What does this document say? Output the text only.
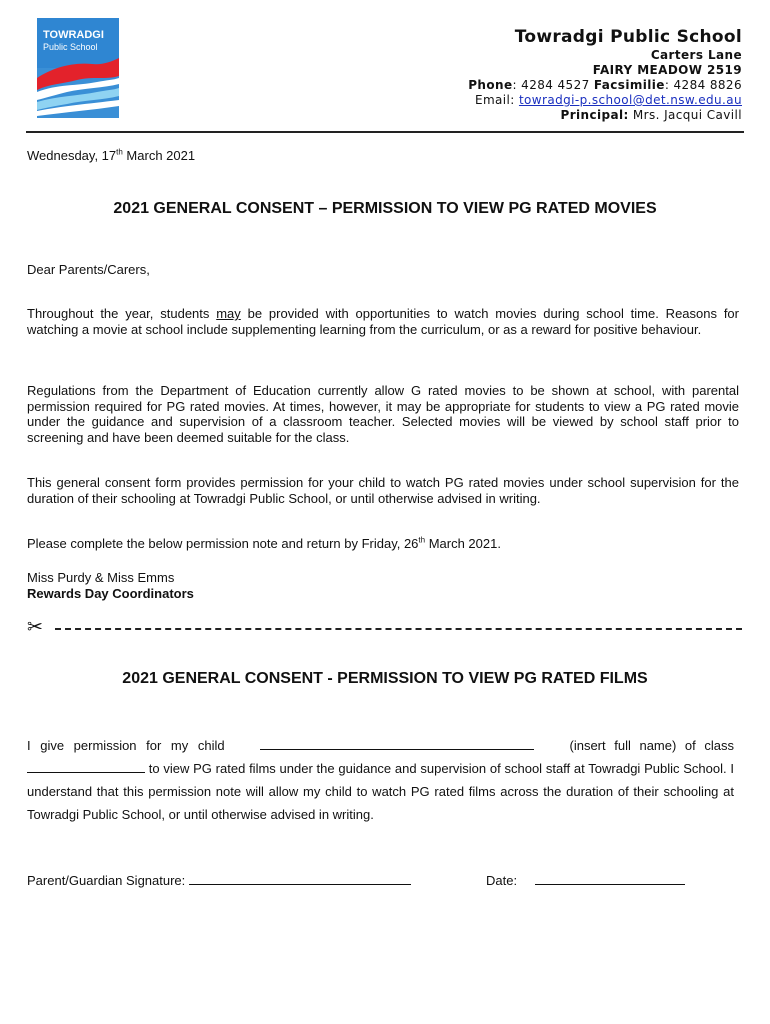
TOWRADGI
Public School	Towradgi Public School
Carters Lane
FAIRY MEADOW 2519
Phone: 4284 4527 Facsimilie: 4284 8826
Email: towradgi-p.school@det.nsw.edu.au
Principal: Mrs. Jacqui Cavill
Wednesday, 17th March 2021
2021 GENERAL CONSENT – PERMISSION TO VIEW PG RATED MOVIES
Dear Parents/Carers,
Throughout the year, students may be provided with opportunities to watch movies during school time. Reasons for watching a movie at school include supplementing learning from the curriculum, or as a reward for positive behaviour.
Regulations from the Department of Education currently allow G rated movies to be shown at school, with parental permission required for PG rated movies. At times, however, it may be appropriate for students to view a PG rated movie under the guidance and supervision of a classroom teacher. Selected movies will be viewed by school staff prior to screening and have been deemed suitable for the class.
This general consent form provides permission for your child to watch PG rated movies under school supervision for the duration of their schooling at Towradgi Public School, or until otherwise advised in writing.
Please complete the below permission note and return by Friday, 26th March 2021.
Miss Purdy & Miss Emms
Rewards Day Coordinators
✂
2021 GENERAL CONSENT - PERMISSION TO VIEW PG RATED FILMS
I give permission for my child	(insert full name) of class
to view PG rated films under the guidance and supervision of school staff at Towradgi Public School. I understand that this permission note will allow my child to watch PG rated films across the duration of their schooling at Towradgi Public School, or until otherwise advised in writing.
Parent/Guardian Signature:	Date:
